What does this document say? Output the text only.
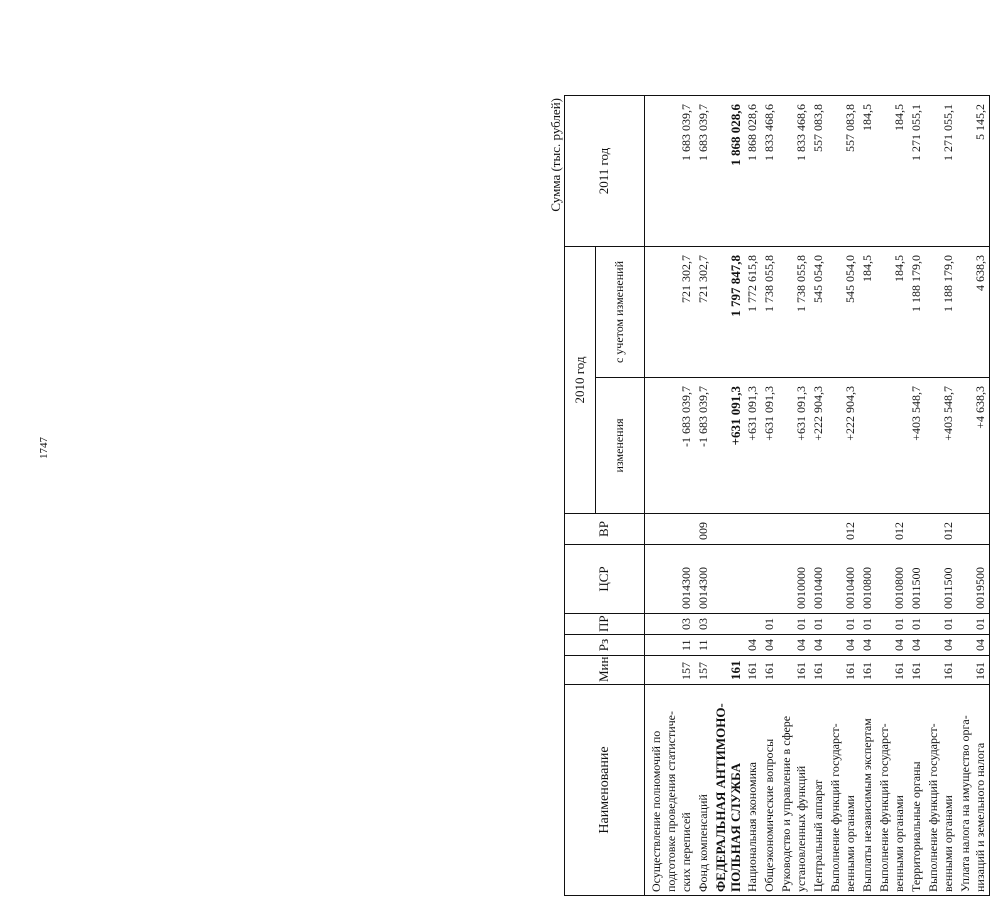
1747
Сумма (тыс. рублей)
Наименование	Мин	Рз	ПР	ЦСР	ВР	2010 год		2011 год
						изменения	с учетом изменений	
Осуществление полномочий по подготовке проведения статистиче-ских переписей	157	11	03	0014300		-1 683 039,7	721 302,7	1 683 039,7
Фонд компенсаций	157	11	03	0014300	009	-1 683 039,7	721 302,7	1 683 039,7
ФЕДЕРАЛЬНАЯ АНТИМОНО-ПОЛЬНАЯ СЛУЖБА	161					+631 091,3	1 797 847,8	1 868 028,6
Национальная экономика	161	04				+631 091,3	1 772 615,8	1 868 028,6
Общеэкономические вопросы	161	04	01			+631 091,3	1 738 055,8	1 833 468,6
Руководство и управление в сфере установленных функций	161	04	01	0010000		+631 091,3	1 738 055,8	1 833 468,6
Центральный аппарат	161	04	01	0010400		+222 904,3	545 054,0	557 083,8
Выполнение функций государст-венными органами	161	04	01	0010400	012	+222 904,3	545 054,0	557 083,8
Выплаты независимым экспертам	161	04	01	0010800			184,5	184,5
Выполнение функций государст-венными органами	161	04	01	0010800	012		184,5	184,5
Территориальные органы	161	04	01	0011500		+403 548,7	1 188 179,0	1 271 055,1
Выполнение функций государст-венными органами	161	04	01	0011500	012	+403 548,7	1 188 179,0	1 271 055,1
Уплата налога на имущество орга-низаций и земельного налога	161	04	01	0019500		+4 638,3	4 638,3	5 145,2
